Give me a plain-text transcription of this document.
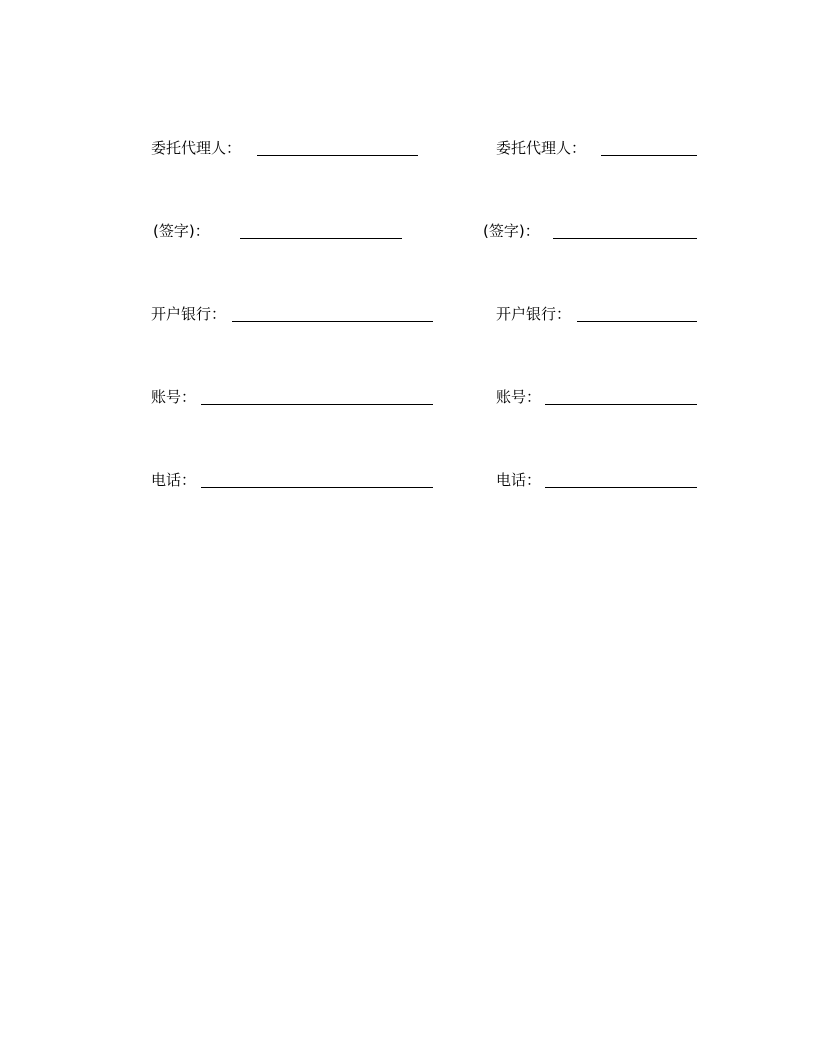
委托代理人：	委托代理人：
(签字)：	(签字)：
开户银行：	开户银行：
账号：	账号：
电话：	电话：
